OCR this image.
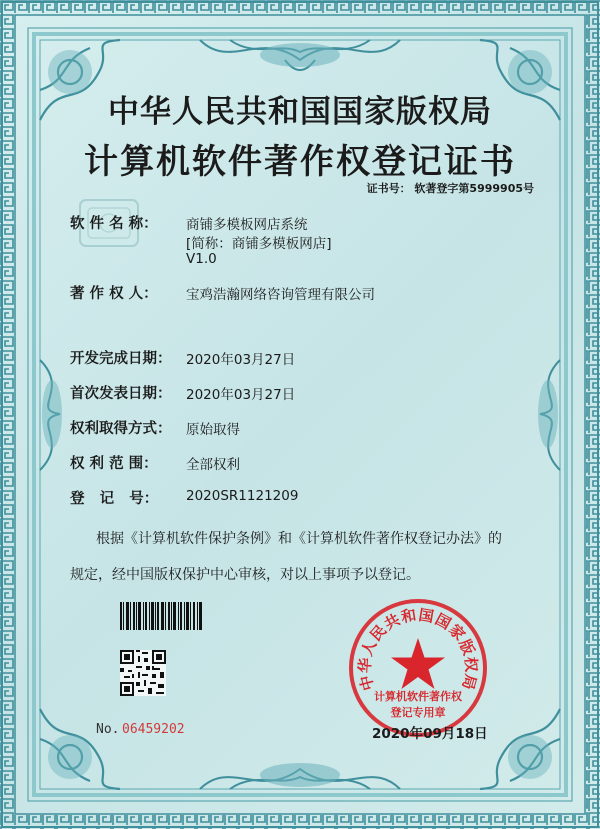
中华人民共和国国家版权局
计算机软件著作权登记证书
证书号： 软著登字第5999905号
软 件 名 称： 商铺多模板网店系统
[简称：商铺多模板网店]
V1.0
著 作 权 人： 宝鸡浩瀚网络咨询管理有限公司
开发完成日期： 2020年03月27日
首次发表日期： 2020年03月27日
权利取得方式： 原始取得
权 利 范 围： 全部权利
登   记   号： 2020SR1121209
根据《计算机软件保护条例》和《计算机软件著作权登记办法》的
规定，经中国版权保护中心审核，对以上事项予以登记。
中华人民共和国国家版权局
计算机软件著作权
登记专用章
No. 06459202	2020年09月18日
